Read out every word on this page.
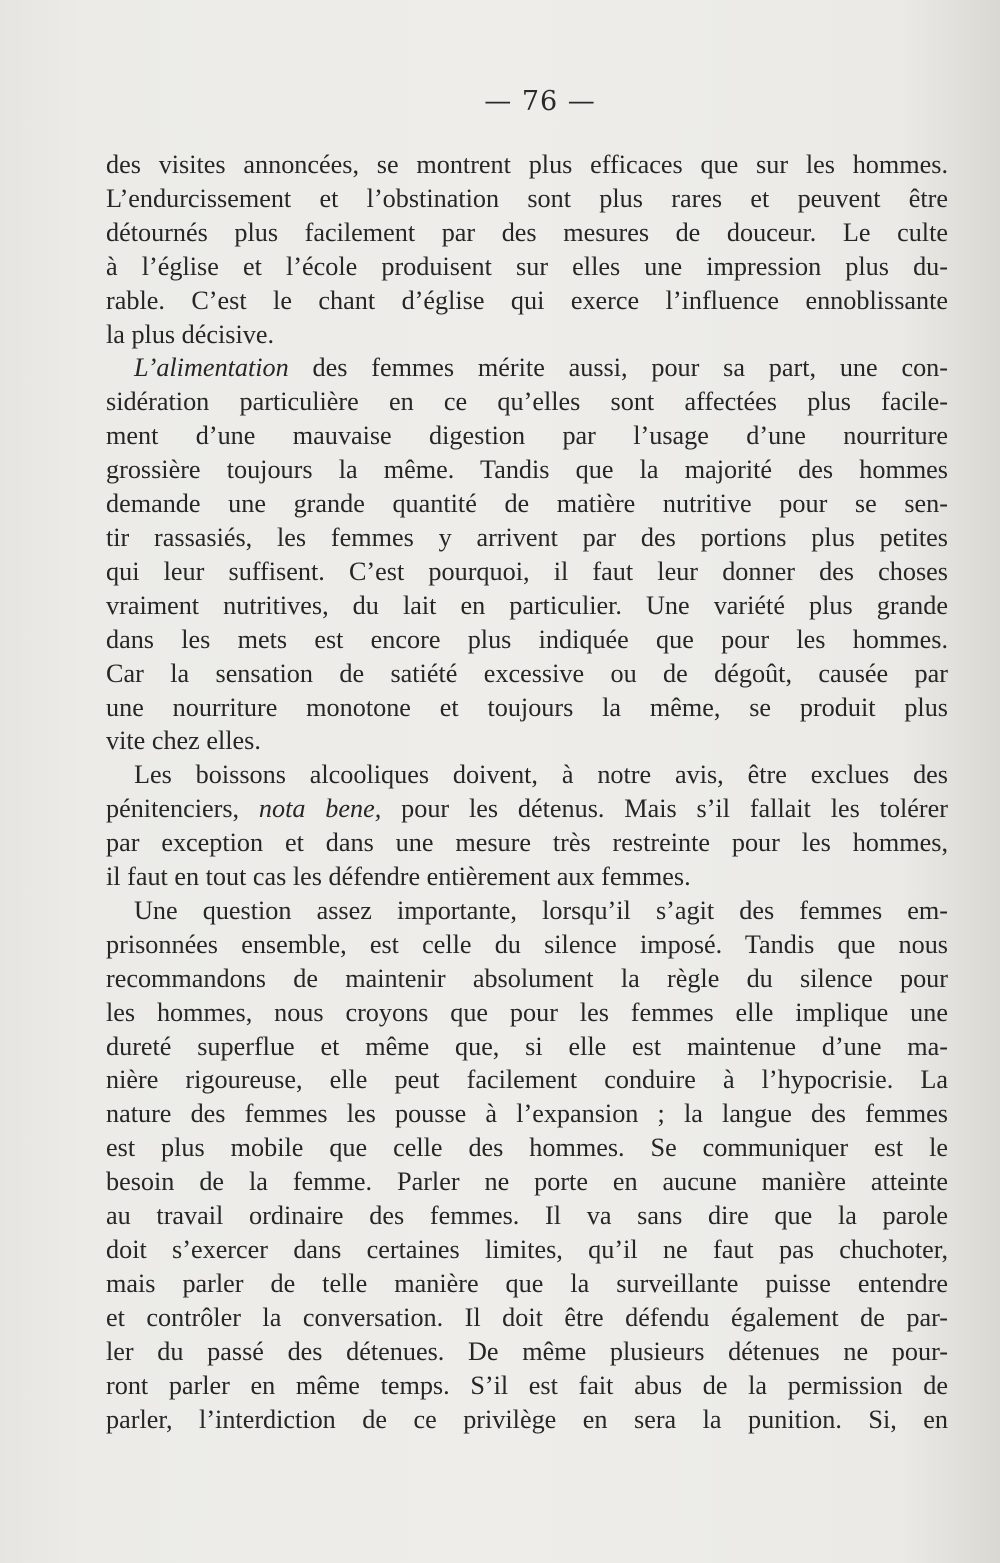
— 76 —
des visites annoncées, se montrent plus efficaces que sur les hommes.
L’endurcissement et l’obstination sont plus rares et peuvent être
détournés plus facilement par des mesures de douceur. Le culte
à l’église et l’école produisent sur elles une impression plus du-
rable. C’est le chant d’église qui exerce l’influence ennoblissante
la plus décisive.
L’alimentation des femmes mérite aussi, pour sa part, une con-
sidération particulière en ce qu’elles sont affectées plus facile-
ment d’une mauvaise digestion par l’usage d’une nourriture
grossière toujours la même. Tandis que la majorité des hommes
demande une grande quantité de matière nutritive pour se sen-
tir rassasiés, les femmes y arrivent par des portions plus petites
qui leur suffisent. C’est pourquoi, il faut leur donner des choses
vraiment nutritives, du lait en particulier. Une variété plus grande
dans les mets est encore plus indiquée que pour les hommes.
Car la sensation de satiété excessive ou de dégoût, causée par
une nourriture monotone et toujours la même, se produit plus
vite chez elles.
Les boissons alcooliques doivent, à notre avis, être exclues des
pénitenciers, nota bene, pour les détenus. Mais s’il fallait les tolérer
par exception et dans une mesure très restreinte pour les hommes,
il faut en tout cas les défendre entièrement aux femmes.
Une question assez importante, lorsqu’il s’agit des femmes em-
prisonnées ensemble, est celle du silence imposé. Tandis que nous
recommandons de maintenir absolument la règle du silence pour
les hommes, nous croyons que pour les femmes elle implique une
dureté superflue et même que, si elle est maintenue d’une ma-
nière rigoureuse, elle peut facilement conduire à l’hypocrisie. La
nature des femmes les pousse à l’expansion ; la langue des femmes
est plus mobile que celle des hommes. Se communiquer est le
besoin de la femme. Parler ne porte en aucune manière atteinte
au travail ordinaire des femmes. Il va sans dire que la parole
doit s’exercer dans certaines limites, qu’il ne faut pas chuchoter,
mais parler de telle manière que la surveillante puisse entendre
et contrôler la conversation. Il doit être défendu également de par-
ler du passé des détenues. De même plusieurs détenues ne pour-
ront parler en même temps. S’il est fait abus de la permission de
parler, l’interdiction de ce privilège en sera la punition. Si, en
